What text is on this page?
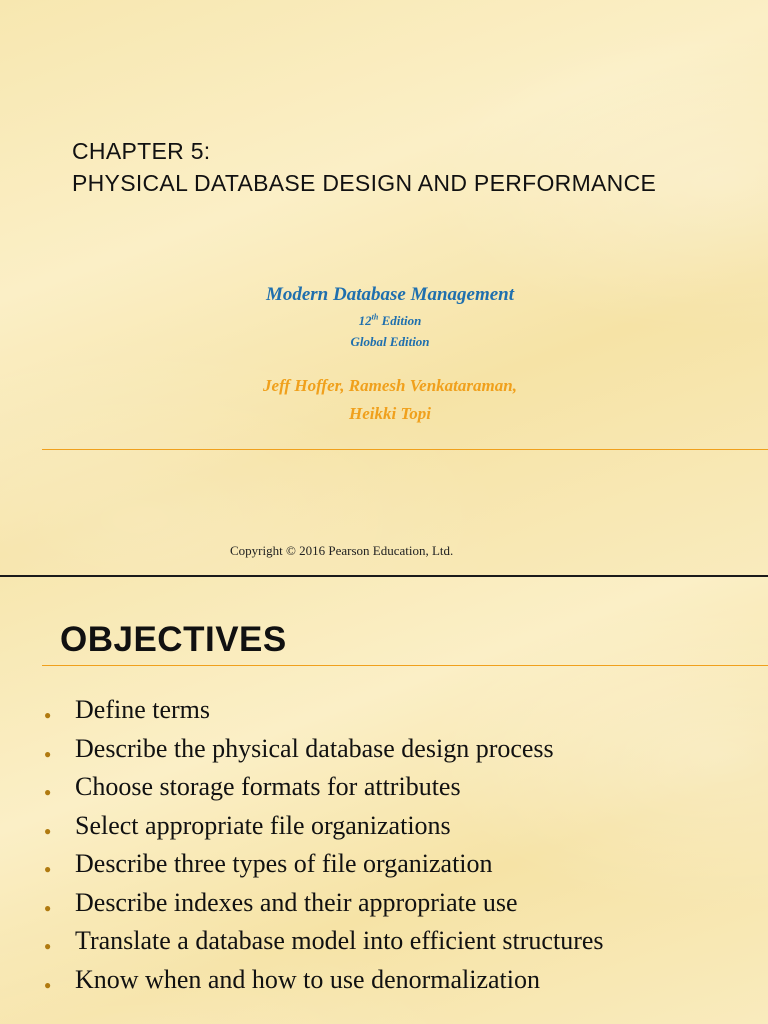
CHAPTER 5:
PHYSICAL DATABASE DESIGN AND PERFORMANCE
Modern Database Management
12th Edition
Global Edition
Jeff Hoffer, Ramesh Venkataraman,
Heikki Topi
Copyright © 2016 Pearson Education, Ltd.
OBJECTIVES
● Define terms
● Describe the physical database design process
● Choose storage formats for attributes
● Select appropriate file organizations
● Describe three types of file organization
● Describe indexes and their appropriate use
● Translate a database model into efficient structures
● Know when and how to use denormalization
